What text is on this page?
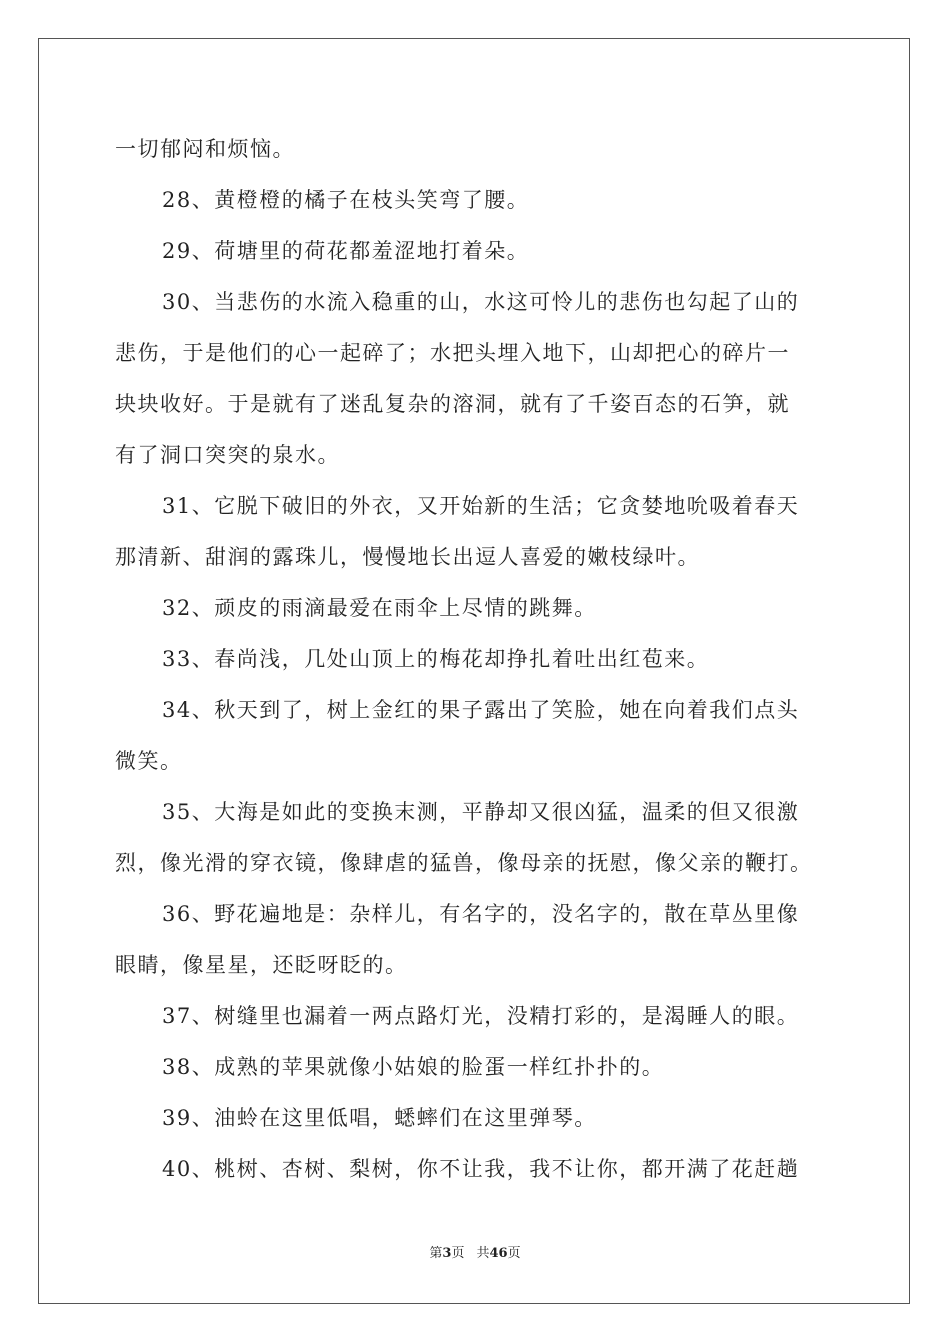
一切郁闷和烦恼。
28、黄橙橙的橘子在枝头笑弯了腰。
29、荷塘里的荷花都羞涩地打着朵。
30、当悲伤的水流入稳重的山，水这可怜儿的悲伤也勾起了山的
悲伤，于是他们的心一起碎了；水把头埋入地下，山却把心的碎片一
块块收好。于是就有了迷乱复杂的溶洞，就有了千姿百态的石笋，就
有了洞口突突的泉水。
31、它脱下破旧的外衣，又开始新的生活；它贪婪地吮吸着春天
那清新、甜润的露珠儿，慢慢地长出逗人喜爱的嫩枝绿叶。
32、顽皮的雨滴最爱在雨伞上尽情的跳舞。
33、春尚浅，几处山顶上的梅花却挣扎着吐出红苞来。
34、秋天到了，树上金红的果子露出了笑脸，她在向着我们点头
微笑。
35、大海是如此的变换末测，平静却又很凶猛，温柔的但又很激
烈，像光滑的穿衣镜，像肆虐的猛兽，像母亲的抚慰，像父亲的鞭打。
36、野花遍地是：杂样儿，有名字的，没名字的，散在草丛里像
眼睛，像星星，还眨呀眨的。
37、树缝里也漏着一两点路灯光，没精打彩的，是渴睡人的眼。
38、成熟的苹果就像小姑娘的脸蛋一样红扑扑的。
39、油蛉在这里低唱，蟋蟀们在这里弹琴。
40、桃树、杏树、梨树，你不让我，我不让你，都开满了花赶趟
第3页 共46页
